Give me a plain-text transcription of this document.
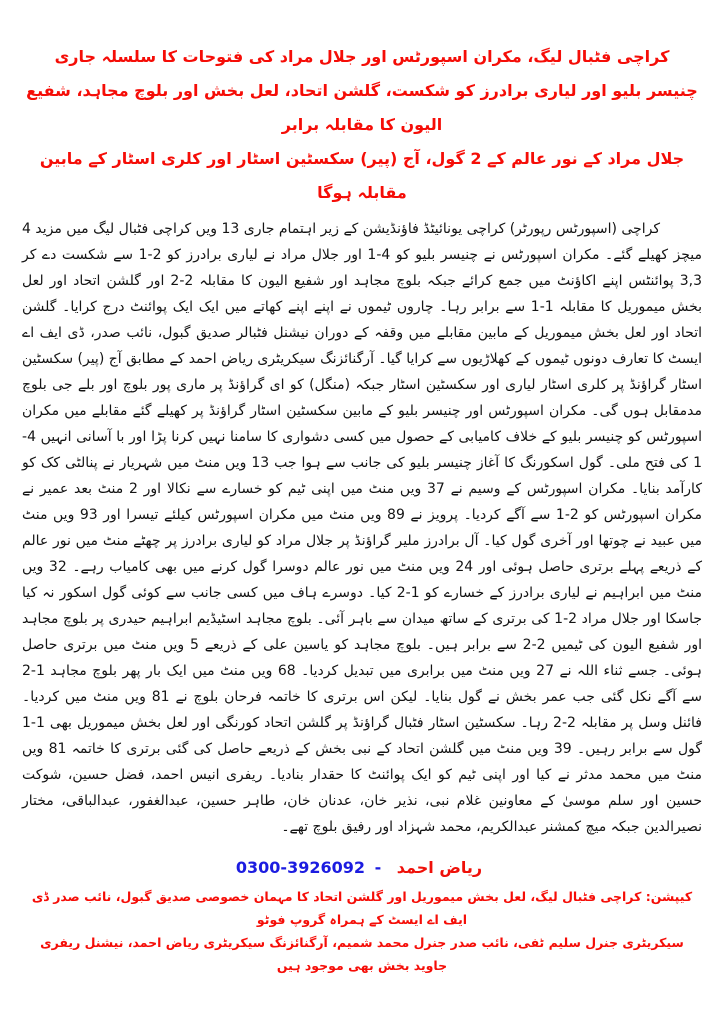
کراچی فٹبال لیگ، مکران اسپورٹس اور جلال مراد کی فتوحات کا سلسلہ جاری
چنیسر بلیو اور لیاری برادرز کو شکست، گلشن اتحاد، لعل بخش اور بلوچ مجاہد، شفیع الیون کا مقابلہ برابر
جلال مراد کے نور عالم کے 2 گول، آج (پیر) سکسٹین اسٹار اور کلری اسٹار کے مابین مقابلہ ہوگا

کراچی (اسپورٹس رپورٹر) کراچی یونائیٹڈ فاؤنڈیشن کے زیر اہتمام جاری 13 ویں کراچی فٹبال لیگ میں مزید 4 میچز کھیلے گئے۔ مکران اسپورٹس نے چنیسر بلیو کو 4-1 اور جلال مراد نے لیاری برادرز کو 2-1 سے شکست دے کر 3,3 پوائنٹس اپنے اکاؤنٹ میں جمع کرائے جبکہ بلوچ مجاہد اور شفیع الیون کا مقابلہ 2-2 اور گلشن اتحاد اور لعل بخش میموریل کا مقابلہ 1-1 سے برابر رہا۔ چاروں ٹیموں نے اپنے اپنے کھاتے میں ایک ایک پوائنٹ درج کرایا۔ گلشن اتحاد اور لعل بخش میموریل کے مابین مقابلے میں وقفہ کے دوران نیشنل فٹبالر صدیق گبول، نائب صدر، ڈی ایف اے ایسٹ کا تعارف دونوں ٹیموں کے کھلاڑیوں سے کرایا گیا۔ آرگنائزنگ سیکریٹری ریاض احمد کے مطابق آج (پیر) سکسٹین اسٹار گراؤنڈ پر کلری اسٹار لیاری اور سکسٹین اسٹار جبکہ (منگل) کو ای گراؤنڈ پر ماری پور بلوچ اور بلے جی بلوچ مدمقابل ہوں گی۔ مکران اسپورٹس اور چنیسر بلیو کے مابین سکسٹین اسٹار گراؤنڈ پر کھیلے گئے مقابلے میں مکران اسپورٹس کو چنیسر بلیو کے خلاف کامیابی کے حصول میں کسی دشواری کا سامنا نہیں کرنا پڑا اور با آسانی انہیں 4-1 کی فتح ملی۔ گول اسکورنگ کا آغاز چنیسر بلیو کی جانب سے ہوا جب 13 ویں منٹ میں شہریار نے پنالٹی کک کو کارآمد بنایا۔ مکران اسپورٹس کے وسیم نے 37 ویں منٹ میں اپنی ٹیم کو خسارے سے نکالا اور 2 منٹ بعد عمیر نے مکران اسپورٹس کو 2-1 سے آگے کردیا۔ پرویز نے 89 ویں منٹ میں مکران اسپورٹس کیلئے تیسرا اور 93 ویں منٹ میں عبید نے چوتھا اور آخری گول کیا۔ آل برادرز ملیر گراؤنڈ پر جلال مراد کو لیاری برادرز پر چھٹے منٹ میں نور عالم کے ذریعے پہلے برتری حاصل ہوئی اور 24 ویں منٹ میں نور عالم دوسرا گول کرنے میں بھی کامیاب رہے۔ 32 ویں منٹ میں ابراہیم نے لیاری برادرز کے خسارے کو 1-2 کیا۔ دوسرے ہاف میں کسی جانب سے کوئی گول اسکور نہ کیا جاسکا اور جلال مراد 2-1 کی برتری کے ساتھ میدان سے باہر آئی۔ بلوچ مجاہد اسٹیڈیم ابراہیم حیدری پر بلوچ مجاہد اور شفیع الیون کی ٹیمیں 2-2 سے برابر ہیں۔ بلوچ مجاہد کو یاسین علی کے ذریعے 5 ویں منٹ میں برتری حاصل ہوئی۔ جسے ثناء اللہ نے 27 ویں منٹ میں برابری میں تبدیل کردیا۔ 68 ویں منٹ میں ایک بار پھر بلوچ مجاہد 1-2 سے آگے نکل گئی جب عمر بخش نے گول بنایا۔ لیکن اس برتری کا خاتمہ فرحان بلوچ نے 81 ویں منٹ میں کردیا۔ فائنل وسل پر مقابلہ 2-2 رہا۔ سکسٹین اسٹار فٹبال گراؤنڈ پر گلشن اتحاد کورنگی اور لعل بخش میموریل بھی 1-1 گول سے برابر رہیں۔ 39 ویں منٹ میں گلشن اتحاد کے نبی بخش کے ذریعے حاصل کی گئی برتری کا خاتمہ 81 ویں منٹ میں محمد مدثر نے کیا اور اپنی ٹیم کو ایک پوائنٹ کا حقدار بنادیا۔ ریفری انیس احمد، فضل حسین، شوکت حسین اور سلم موسیٰ کے معاونین غلام نبی، نذیر خان، عدنان خان، طاہر حسین، عبدالغفور، عبدالباقی، مختار نصیرالدین جبکہ میچ کمشنر عبدالکریم، محمد شہزاد اور رفیق بلوچ تھے۔

ریاض احمد - 0300-3926092
کیپشن: کراچی فٹبال لیگ، لعل بخش میموریل اور گلشن اتحاد کا مہمان خصوصی صدیق گبول، نائب صدر ڈی ایف اے ایسٹ کے ہمراہ گروپ فوٹو
سیکریٹری جنرل سلیم ٹفی، نائب صدر جنرل محمد شمیم، آرگنائزنگ سیکریٹری ریاض احمد، نیشنل ریفری جاوید بخش بھی موجود ہیں
